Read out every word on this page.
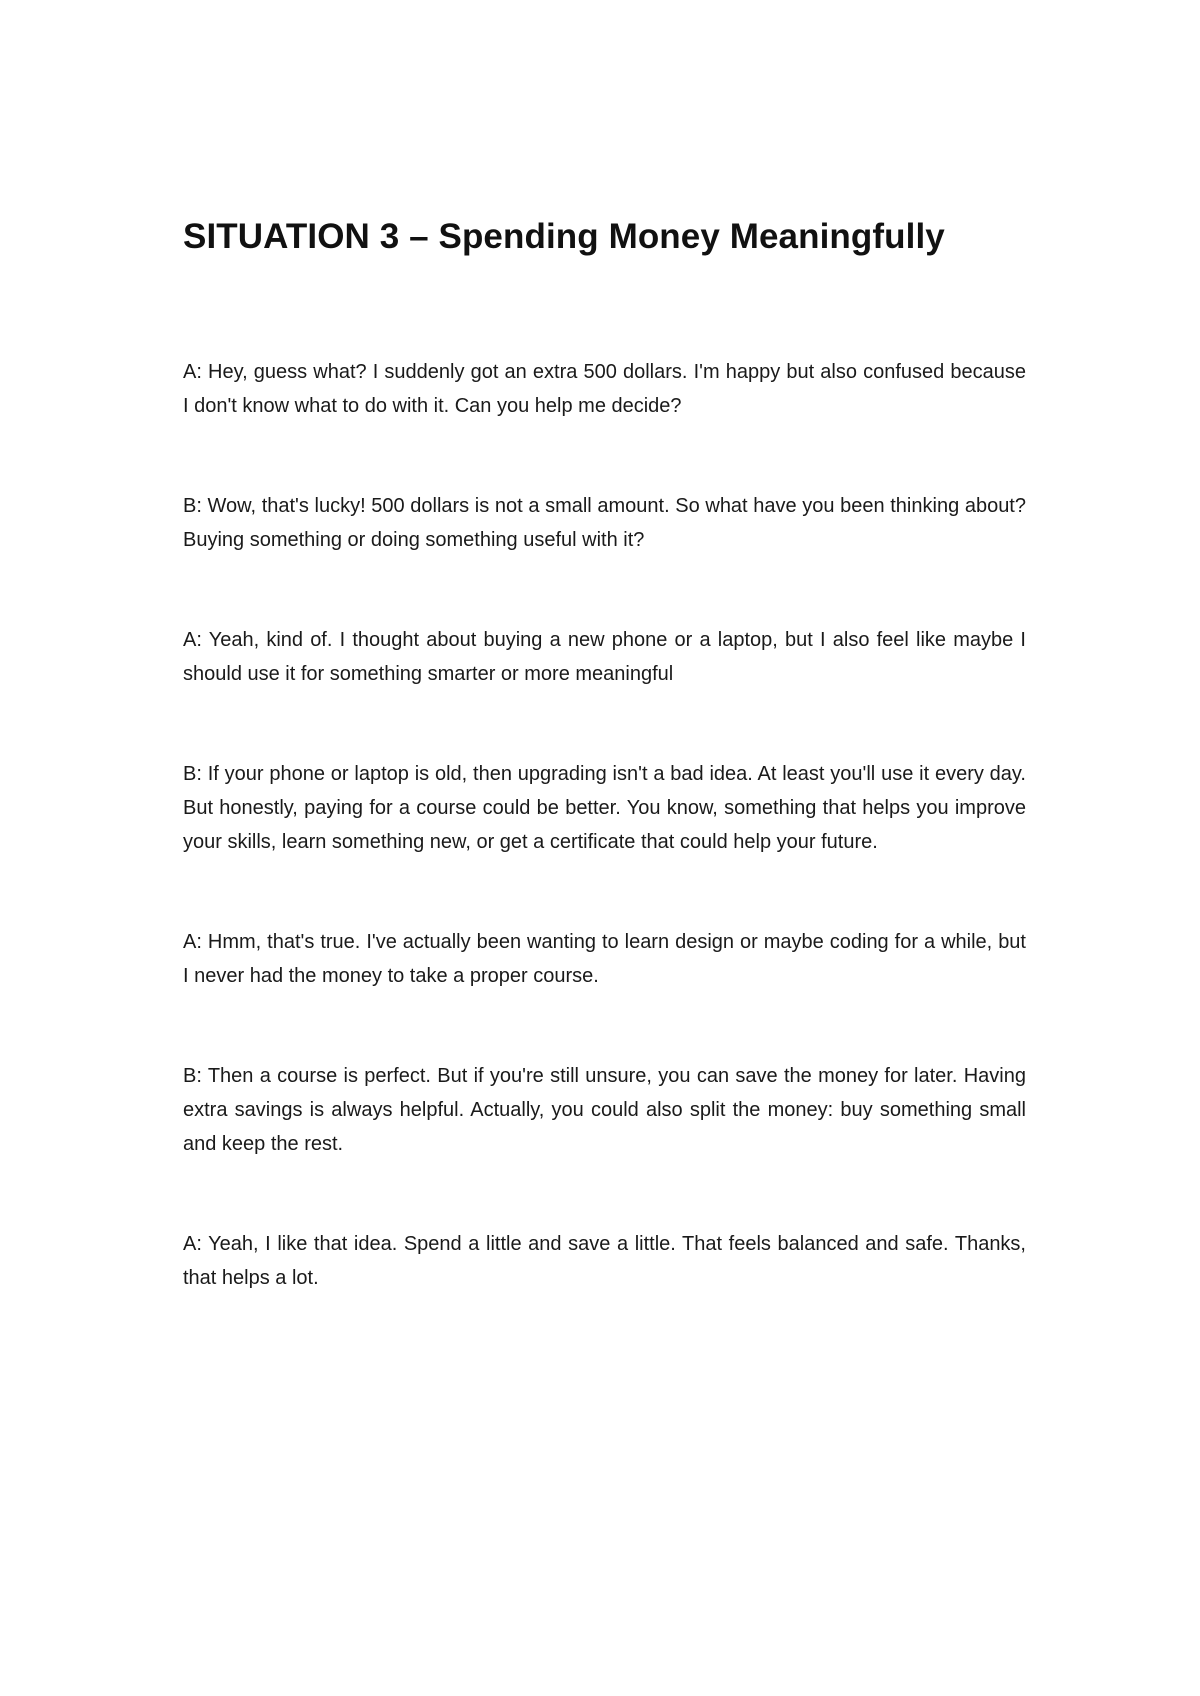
SITUATION 3 – Spending Money Meaningfully

A: Hey, guess what? I suddenly got an extra 500 dollars. I'm happy but also confused because I don't know what to do with it. Can you help me decide?

B: Wow, that's lucky! 500 dollars is not a small amount. So what have you been thinking about? Buying something or doing something useful with it?

A: Yeah, kind of. I thought about buying a new phone or a laptop, but I also feel like maybe I should use it for something smarter or more meaningful

B: If your phone or laptop is old, then upgrading isn't a bad idea. At least you'll use it every day. But honestly, paying for a course could be better. You know, something that helps you improve your skills, learn something new, or get a certificate that could help your future.

A: Hmm, that's true. I've actually been wanting to learn design or maybe coding for a while, but I never had the money to take a proper course.

B: Then a course is perfect. But if you're still unsure, you can save the money for later. Having extra savings is always helpful. Actually, you could also split the money: buy something small and keep the rest.

A: Yeah, I like that idea. Spend a little and save a little. That feels balanced and safe. Thanks, that helps a lot.
